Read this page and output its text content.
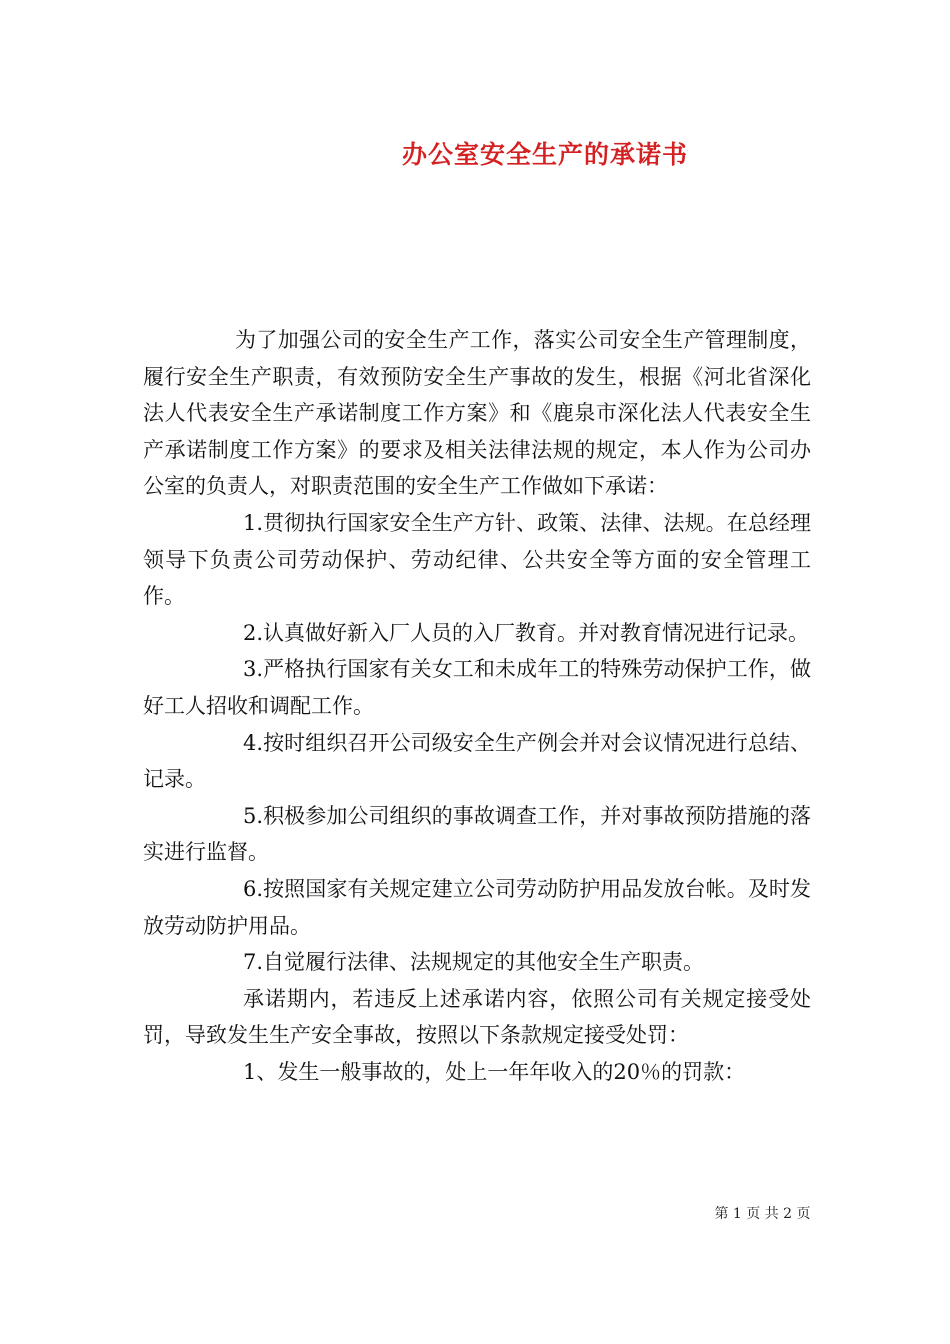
办公室安全生产的承诺书

为了加强公司的安全生产工作，落实公司安全生产管理制度，履行安全生产职责，有效预防安全生产事故的发生，根据《河北省深化法人代表安全生产承诺制度工作方案》和《鹿泉市深化法人代表安全生产承诺制度工作方案》的要求及相关法律法规的规定，本人作为公司办公室的负责人，对职责范围的安全生产工作做如下承诺：

1.贯彻执行国家安全生产方针、政策、法律、法规。在总经理领导下负责公司劳动保护、劳动纪律、公共安全等方面的安全管理工作。

2.认真做好新入厂人员的入厂教育。并对教育情况进行记录。

3.严格执行国家有关女工和未成年工的特殊劳动保护工作，做好工人招收和调配工作。

4.按时组织召开公司级安全生产例会并对会议情况进行总结、记录。

5.积极参加公司组织的事故调查工作，并对事故预防措施的落实进行监督。

6.按照国家有关规定建立公司劳动防护用品发放台帐。及时发放劳动防护用品。

7.自觉履行法律、法规规定的其他安全生产职责。

承诺期内，若违反上述承诺内容，依照公司有关规定接受处罚，导致发生生产安全事故，按照以下条款规定接受处罚：

1、发生一般事故的，处上一年年收入的20％的罚款：

第 1 页 共 2 页
